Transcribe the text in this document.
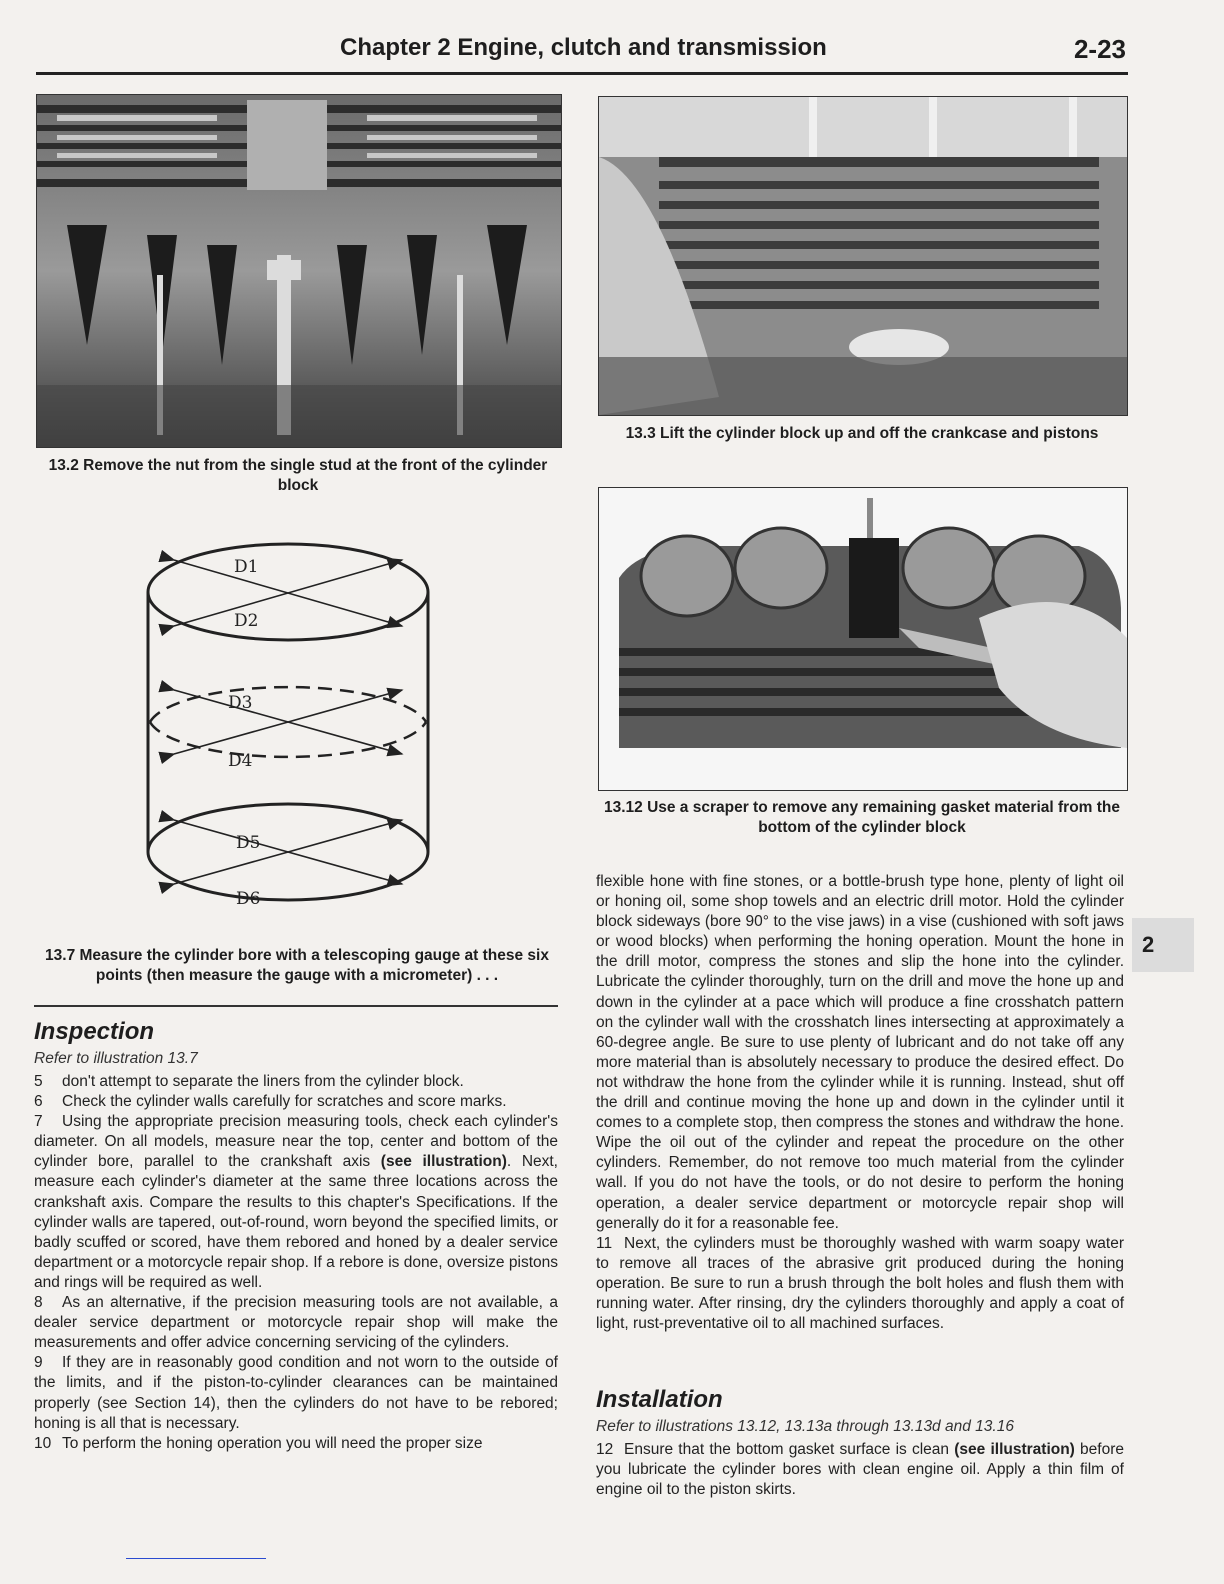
Chapter 2 Engine, clutch and transmission	2-23
13.2 Remove the nut from the single stud at the front of the cylinder block
13.3 Lift the cylinder block up and off the crankcase and pistons
D1
D2
D3
D4
D5
D6
13.7 Measure the cylinder bore with a telescoping gauge at these six points (then measure the gauge with a micrometer) . . .
13.12 Use a scraper to remove any remaining gasket material from the bottom of the cylinder block
Inspection
Refer to illustration 13.7

5 don't attempt to separate the liners from the cylinder block.

6 Check the cylinder walls carefully for scratches and score marks.

7 Using the appropriate precision measuring tools, check each cylinder's diameter. On all models, measure near the top, center and bottom of the cylinder bore, parallel to the crankshaft axis (see illustration). Next, measure each cylinder's diameter at the same three locations across the crankshaft axis. Compare the results to this chapter's Specifications. If the cylinder walls are tapered, out-of-round, worn beyond the specified limits, or badly scuffed or scored, have them rebored and honed by a dealer service department or a motorcycle repair shop. If a rebore is done, oversize pistons and rings will be required as well.

8 As an alternative, if the precision measuring tools are not available, a dealer service department or motorcycle repair shop will make the measurements and offer advice concerning servicing of the cylinders.

9 If they are in reasonably good condition and not worn to the outside of the limits, and if the piston-to-cylinder clearances can be maintained properly (see Section 14), then the cylinders do not have to be rebored; honing is all that is necessary.

10 To perform the honing operation you will need the proper size

flexible hone with fine stones, or a bottle-brush type hone, plenty of light oil or honing oil, some shop towels and an electric drill motor. Hold the cylinder block sideways (bore 90° to the vise jaws) in a vise (cushioned with soft jaws or wood blocks) when performing the honing operation. Mount the hone in the drill motor, compress the stones and slip the hone into the cylinder. Lubricate the cylinder thoroughly, turn on the drill and move the hone up and down in the cylinder at a pace which will produce a fine crosshatch pattern on the cylinder wall with the crosshatch lines intersecting at approximately a 60-degree angle. Be sure to use plenty of lubricant and do not take off any more material than is absolutely necessary to produce the desired effect. Do not withdraw the hone from the cylinder while it is running. Instead, shut off the drill and continue moving the hone up and down in the cylinder until it comes to a complete stop, then compress the stones and withdraw the hone. Wipe the oil out of the cylinder and repeat the procedure on the other cylinders. Remember, do not remove too much material from the cylinder wall. If you do not have the tools, or do not desire to perform the honing operation, a dealer service department or motorcycle repair shop will generally do it for a reasonable fee.

11 Next, the cylinders must be thoroughly washed with warm soapy water to remove all traces of the abrasive grit produced during the honing operation. Be sure to run a brush through the bolt holes and flush them with running water. After rinsing, dry the cylinders thoroughly and apply a coat of light, rust-preventative oil to all machined surfaces.

Installation
Refer to illustrations 13.12, 13.13a through 13.13d and 13.16

12 Ensure that the bottom gasket surface is clean (see illustration) before you lubricate the cylinder bores with clean engine oil. Apply a thin film of engine oil to the piston skirts.

2
